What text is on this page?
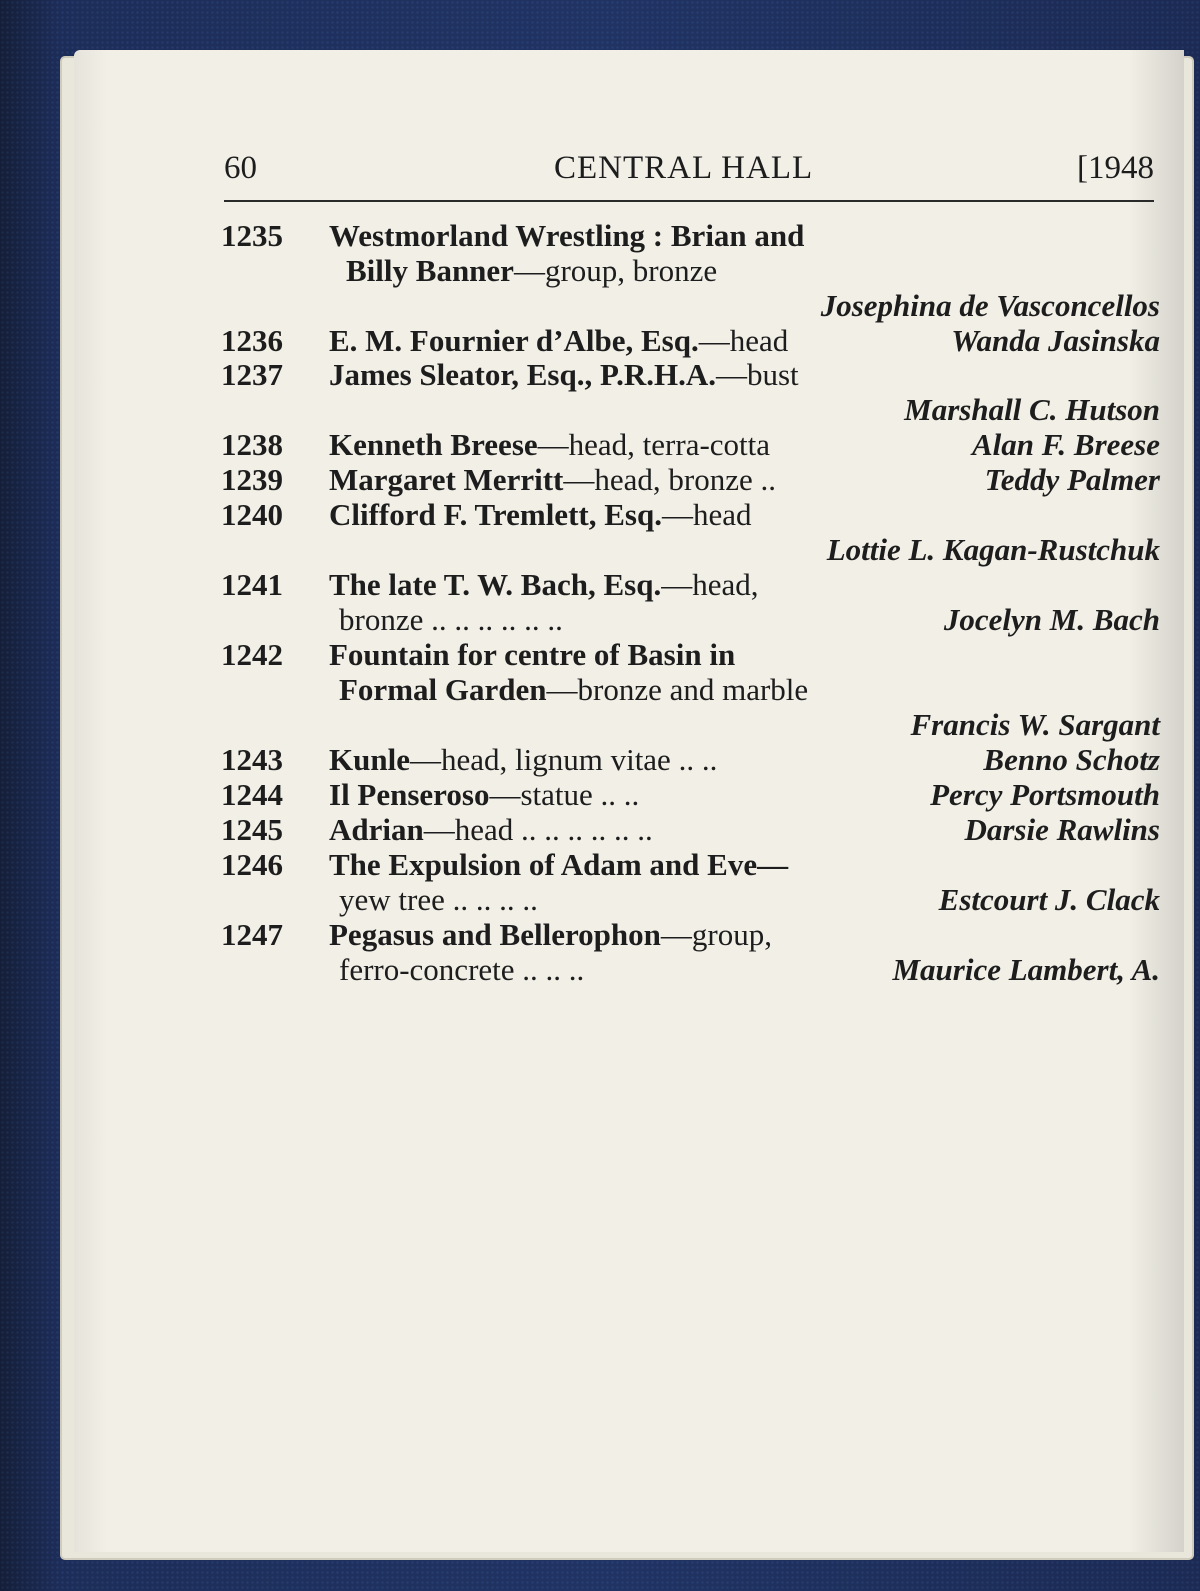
60	CENTRAL HALL	[1948
1235 Westmorland Wrestling : Brian and
Billy Banner—group, bronze
Josephina de Vasconcellos
1236 E. M. Fournier d’Albe, Esq.—head	Wanda Jasinska
1237 James Sleator, Esq., P.R.H.A.—bust
Marshall C. Hutson
1238 Kenneth Breese—head, terra-cotta	Alan F. Breese
1239 Margaret Merritt—head, bronze ..	Teddy Palmer
1240 Clifford F. Tremlett, Esq.—head
Lottie L. Kagan-Rustchuk
1241 The late T. W. Bach, Esq.—head,
bronze .. .. .. .. .. ..	Jocelyn M. Bach
1242 Fountain for centre of Basin in
Formal Garden—bronze and marble
Francis W. Sargant
1243 Kunle—head, lignum vitae .. ..	Benno Schotz
1244 Il Penseroso—statue .. ..	Percy Portsmouth
1245 Adrian—head .. .. .. .. .. ..	Darsie Rawlins
1246 The Expulsion of Adam and Eve—
yew tree .. .. .. ..	Estcourt J. Clack
1247 Pegasus and Bellerophon—group,
ferro-concrete .. .. ..	Maurice Lambert, A.
